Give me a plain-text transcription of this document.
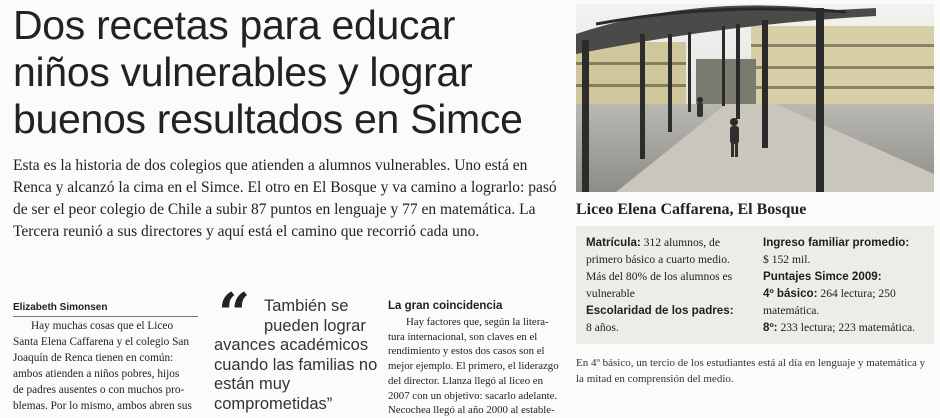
Dos recetas para educar
niños vulnerables y lograr
buenos resultados en Simce
Esta es la historia de dos colegios que atienden a alumnos vulnerables. Uno está en
Renca y alcanzó la cima en el Simce. El otro en El Bosque y va camino a lograrlo: pasó
de ser el peor colegio de Chile a subir 87 puntos en lenguaje y 77 en matemática. La
Tercera reunió a sus directores y aquí está el camino que recorrió cada uno.
Elizabeth Simonsen
Hay muchas cosas que el Liceo
Santa Elena Caffarena y el colegio San
Joaquín de Renca tienen en común:
ambos atienden a niños pobres, hijos
de padres ausentes o con muchos pro-
blemas. Por lo mismo, ambos abren sus
“ También se
pueden lograr
avances académicos
cuando las familias no
están muy
comprometidas”
La gran coincidencia
Hay factores que, según la litera-
tura internacional, son claves en el
rendimiento y estos dos casos son el
mejor ejemplo. El primero, el liderazgo
del director. Llanza llegó al liceo en
2007 con un objetivo: sacarlo adelante.
Necochea llegó al año 2000 al estable-
Liceo Elena Caffarena, El Bosque
Matrícula: 312 alumnos, de
primero básico a cuarto medio.
Más del 80% de los alumnos es
vulnerable
Escolaridad de los padres:
8 años.
Ingreso familiar promedio:
$ 152 mil.
Puntajes Simce 2009:
4º básico: 264 lectura; 250
matemática.
8º: 233 lectura; 223 matemática.
En 4º básico, un tercio de los estudiantes está al día en lenguaje y matemática y
la mitad en comprensión del medio.
